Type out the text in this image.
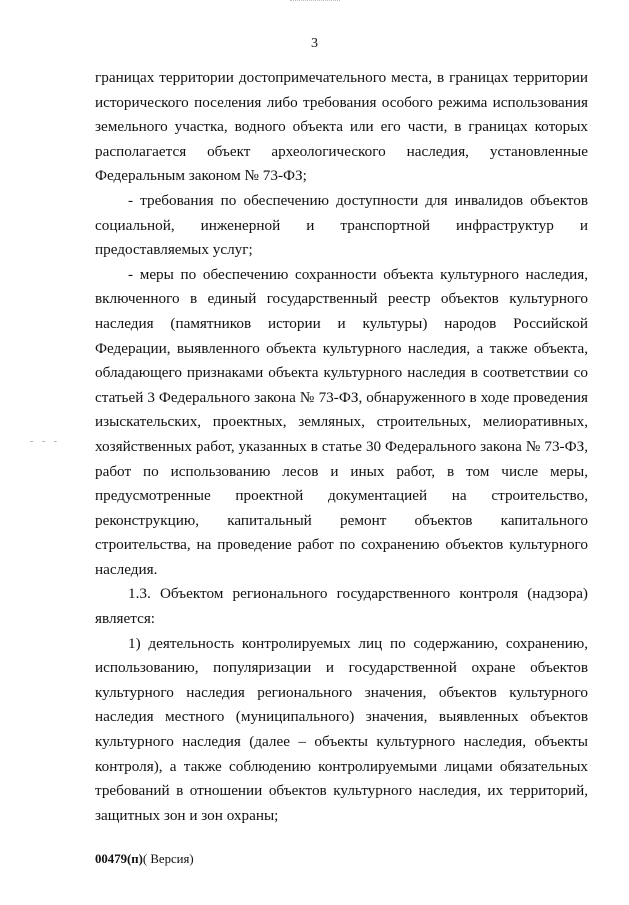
3
- - -

границах территории достопримечательного места, в границах территории исторического поселения либо требования особого режима использования земельного участка, водного объекта или его части, в границах которых располагается объект археологического наследия, установленные Федеральным законом № 73-ФЗ;

- требования по обеспечению доступности для инвалидов объектов социальной, инженерной и транспортной инфраструктур и предоставляемых услуг;

- меры по обеспечению сохранности объекта культурного наследия, включенного в единый государственный реестр объектов культурного наследия (памятников истории и культуры) народов Российской Федерации, выявленного объекта культурного наследия, а также объекта, обладающего признаками объекта культурного наследия в соответствии со статьей 3 Федерального закона № 73-ФЗ, обнаруженного в ходе проведения изыскательских, проектных, земляных, строительных, мелиоративных, хозяйственных работ, указанных в статье 30 Федерального закона № 73-ФЗ, работ по использованию лесов и иных работ, в том числе меры, предусмотренные проектной документацией на строительство, реконструкцию, капитальный ремонт объектов капитального строительства, на проведение работ по сохранению объектов культурного наследия.

1.3. Объектом регионального государственного контроля (надзора) является:

1) деятельность контролируемых лиц по содержанию, сохранению, использованию, популяризации и государственной охране объектов культурного наследия регионального значения, объектов культурного наследия местного (муниципального) значения, выявленных объектов культурного наследия (далее – объекты культурного наследия, объекты контроля), а также соблюдению контролируемыми лицами обязательных требований в отношении объектов культурного наследия, их территорий, защитных зон и зон охраны;

00479(п)( Версия)
